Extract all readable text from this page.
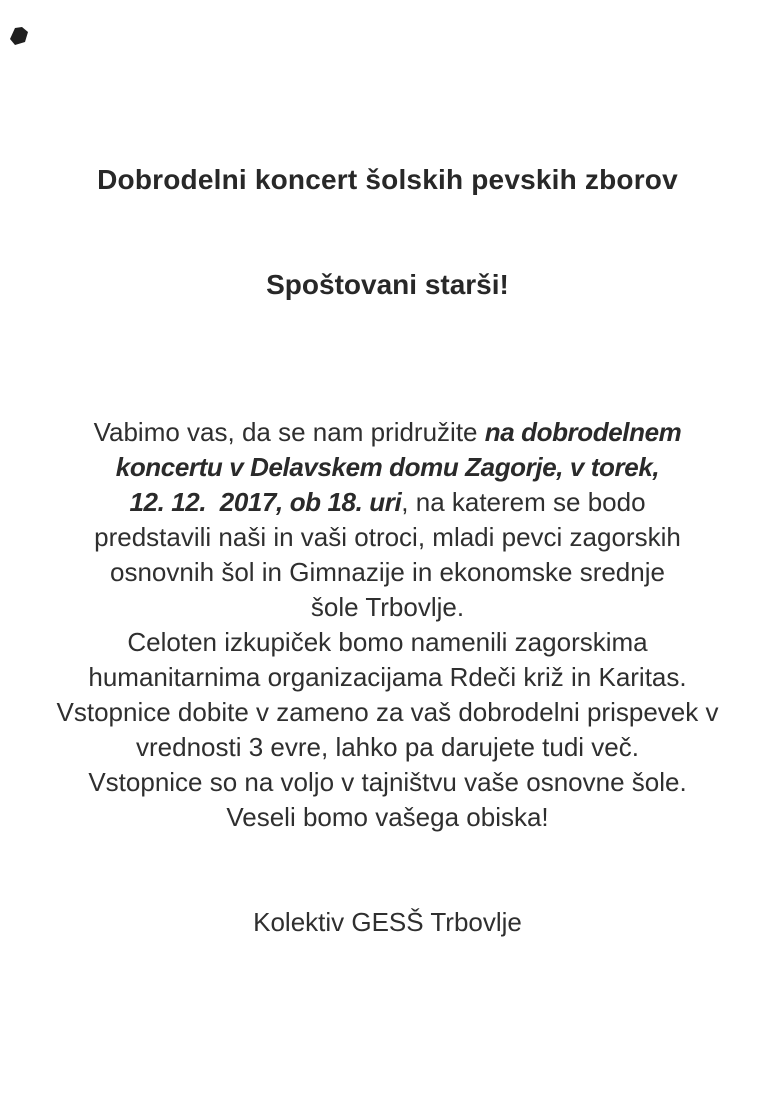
Dobrodelni koncert šolskih pevskih zborov
Spoštovani starši!
Vabimo vas, da se nam pridružite na dobrodelnem
koncertu v Delavskem domu Zagorje, v torek,
12. 12.  2017, ob 18. uri, na katerem se bodo
predstavili naši in vaši otroci, mladi pevci zagorskih
osnovnih šol in Gimnazije in ekonomske srednje
šole Trbovlje.
Celoten izkupiček bomo namenili zagorskima
humanitarnima organizacijama Rdeči križ in Karitas.
Vstopnice dobite v zameno za vaš dobrodelni prispevek v
vrednosti 3 evre, lahko pa darujete tudi več.
Vstopnice so na voljo v tajništvu vaše osnovne šole.
Veseli bomo vašega obiska!
Kolektiv GESŠ Trbovlje
